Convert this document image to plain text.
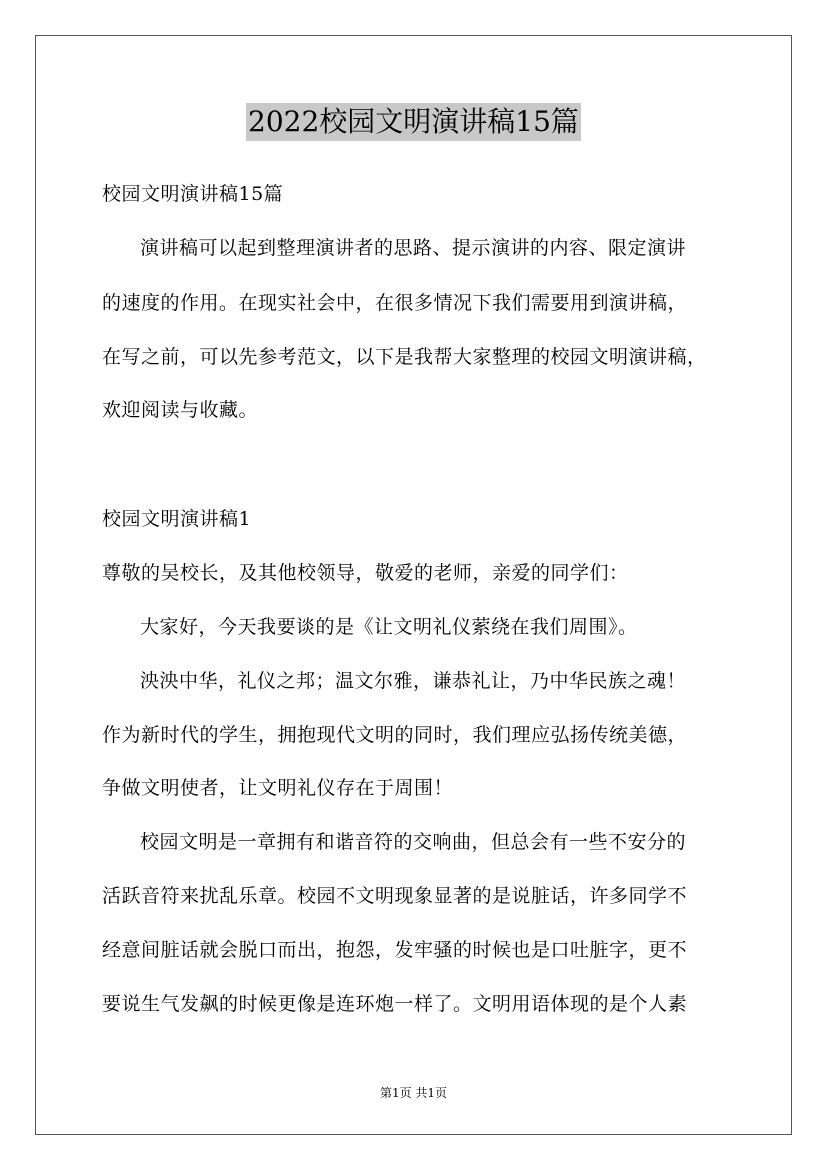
2022校园文明演讲稿15篇
校园文明演讲稿15篇
演讲稿可以起到整理演讲者的思路、提示演讲的内容、限定演讲
的速度的作用。在现实社会中，在很多情况下我们需要用到演讲稿，
在写之前，可以先参考范文，以下是我帮大家整理的校园文明演讲稿，
欢迎阅读与收藏。
校园文明演讲稿1
尊敬的吴校长，及其他校领导，敬爱的老师，亲爱的同学们：
大家好，今天我要谈的是《让文明礼仪萦绕在我们周围》。
泱泱中华，礼仪之邦；温文尔雅，谦恭礼让，乃中华民族之魂！
作为新时代的学生，拥抱现代文明的同时，我们理应弘扬传统美德，
争做文明使者，让文明礼仪存在于周围！
校园文明是一章拥有和谐音符的交响曲，但总会有一些不安分的
活跃音符来扰乱乐章。校园不文明现象显著的是说脏话，许多同学不
经意间脏话就会脱口而出，抱怨，发牢骚的时候也是口吐脏字，更不
要说生气发飙的时候更像是连环炮一样了。文明用语体现的是个人素
第1页 共1页
